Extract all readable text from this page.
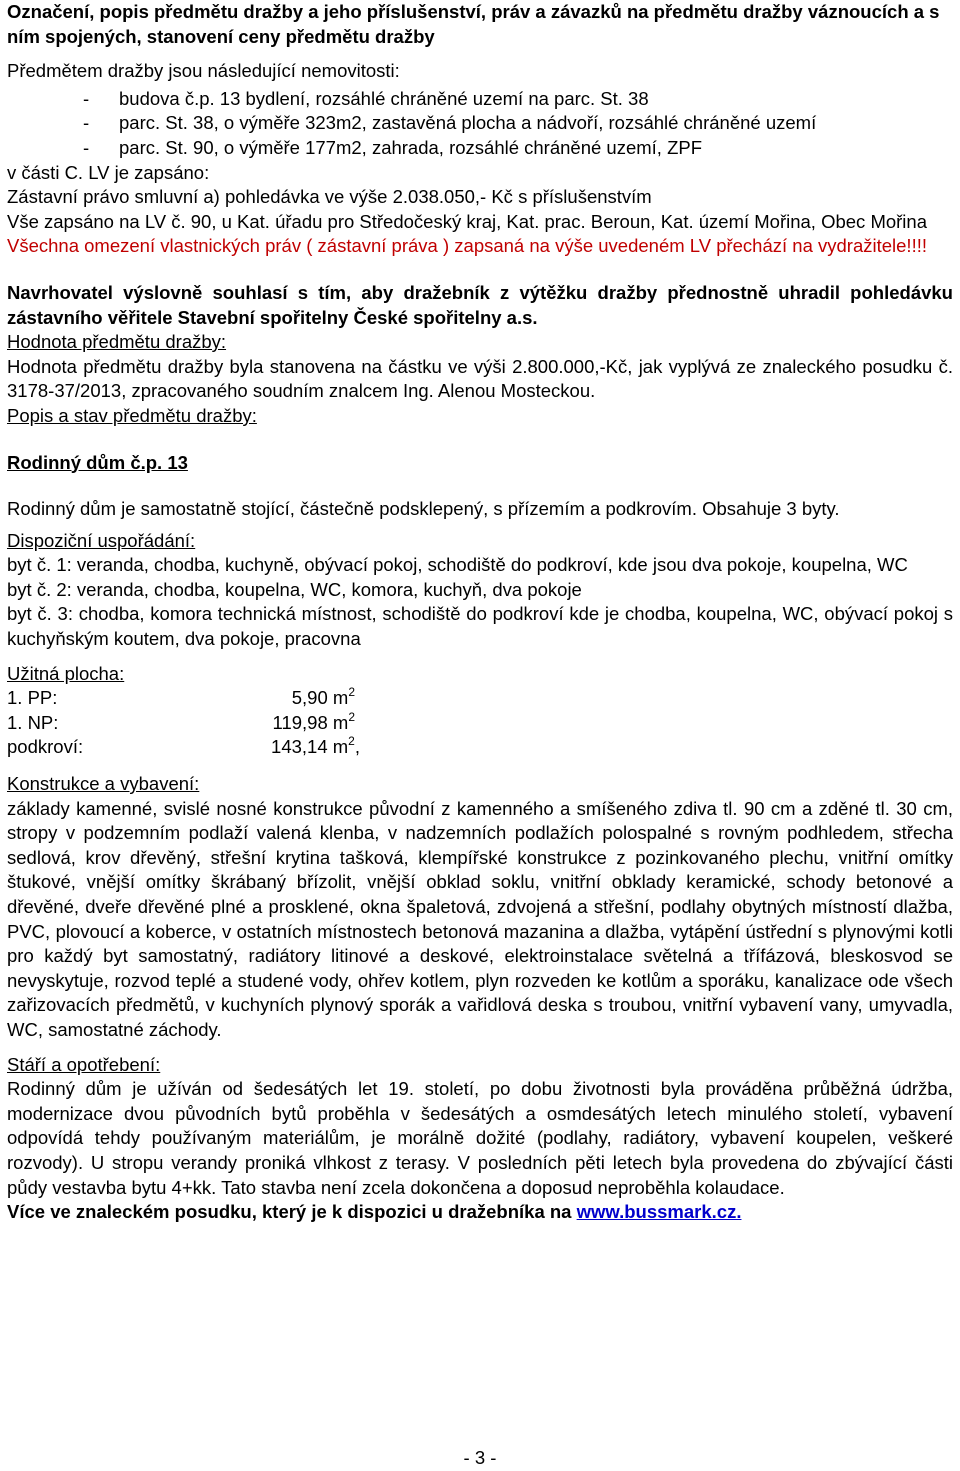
Označení, popis předmětu dražby a jeho příslušenství, práv a závazků na předmětu dražby váznoucích a s ním spojených, stanovení ceny předmětu dražby

Předmětem dražby jsou následující nemovitosti:

- budova č.p. 13 bydlení, rozsáhlé chráněné uzemí na parc. St. 38
- parc. St. 38, o výměře 323m2, zastavěná plocha a nádvoří, rozsáhlé chráněné uzemí
- parc. St. 90, o výměře 177m2, zahrada, rozsáhlé chráněné uzemí, ZPF

v části C. LV je zapsáno:

Zástavní právo smluvní a) pohledávka ve výše 2.038.050,- Kč s příslušenstvím

Vše zapsáno na LV č. 90, u Kat. úřadu pro Středočeský kraj, Kat. prac. Beroun, Kat. území Mořina, Obec Mořina

Všechna omezení vlastnických práv ( zástavní práva ) zapsaná na výše uvedeném LV přechází na vydražitele!!!!

Navrhovatel výslovně souhlasí s tím, aby dražebník z výtěžku dražby přednostně uhradil pohledávku zástavního věřitele Stavební spořitelny České spořitelny a.s.

Hodnota předmětu dražby:

Hodnota předmětu dražby byla stanovena na částku ve výši 2.800.000,-Kč, jak vyplývá ze znaleckého posudku č. 3178-37/2013, zpracovaného soudním znalcem Ing. Alenou Mosteckou.

Popis a stav předmětu dražby:

Rodinný dům č.p. 13

Rodinný dům je samostatně stojící, částečně podsklepený, s přízemím a podkrovím. Obsahuje 3 byty.

Dispoziční uspořádání:

byt č. 1: veranda, chodba, kuchyně, obývací pokoj, schodiště do podkroví, kde jsou dva pokoje, koupelna, WC

byt č. 2: veranda, chodba, koupelna, WC, komora, kuchyň, dva pokoje

byt č. 3: chodba, komora technická místnost, schodiště do podkroví kde je chodba, koupelna, WC, obývací pokoj s kuchyňským koutem, dva pokoje, pracovna

Užitná plocha:

1. PP:	5,90 $m^2$
1. NP:	119,98 $m^2$
podkroví:	143,14 $m^2$,

Konstrukce a vybavení:

základy kamenné, svislé nosné konstrukce původní z kamenného a smíšeného zdiva tl. 90 cm a zděné tl. 30 cm, stropy v podzemním podlaží valená klenba, v nadzemních podlažích polospalné s rovným podhledem, střecha sedlová, krov dřevěný, střešní krytina tašková, klempířské konstrukce z pozinkovaného plechu, vnitřní omítky štukové, vnější omítky škrábaný břízolit, vnější obklad soklu, vnitřní obklady keramické, schody betonové a dřevěné, dveře dřevěné plné a prosklené, okna špaletová, zdvojená a střešní, podlahy obytných místností dlažba, PVC, plovoucí a koberce, v ostatních místnostech betonová mazanina a dlažba, vytápění ústřední s plynovými kotli pro každý byt samostatný, radiátory litinové a deskové, elektroinstalace světelná a třífázová, bleskosvod se nevyskytuje, rozvod teplé a studené vody, ohřev kotlem, plyn rozveden ke kotlům a sporáku, kanalizace ode všech zařizovacích předmětů, v kuchyních plynový sporák a vařidlová deska s troubou, vnitřní vybavení vany, umyvadla, WC, samostatné záchody.

Stáří a opotřebení:

Rodinný dům je užíván od šedesátých let 19. století, po dobu životnosti byla prováděna průběžná údržba, modernizace dvou původních bytů proběhla v šedesátých a osmdesátých letech minulého století, vybavení odpovídá tehdy používaným materiálům, je morálně dožité (podlahy, radiátory, vybavení koupelen, veškeré rozvody). U stropu verandy proniká vlhkost z terasy. V posledních pěti letech byla provedena do zbývající části půdy vestavba bytu 4+kk. Tato stavba není zcela dokončena a doposud neproběhla kolaudace.

Více ve znaleckém posudku, který je k dispozici u dražebníka na www.bussmark.cz.

- 3 -
